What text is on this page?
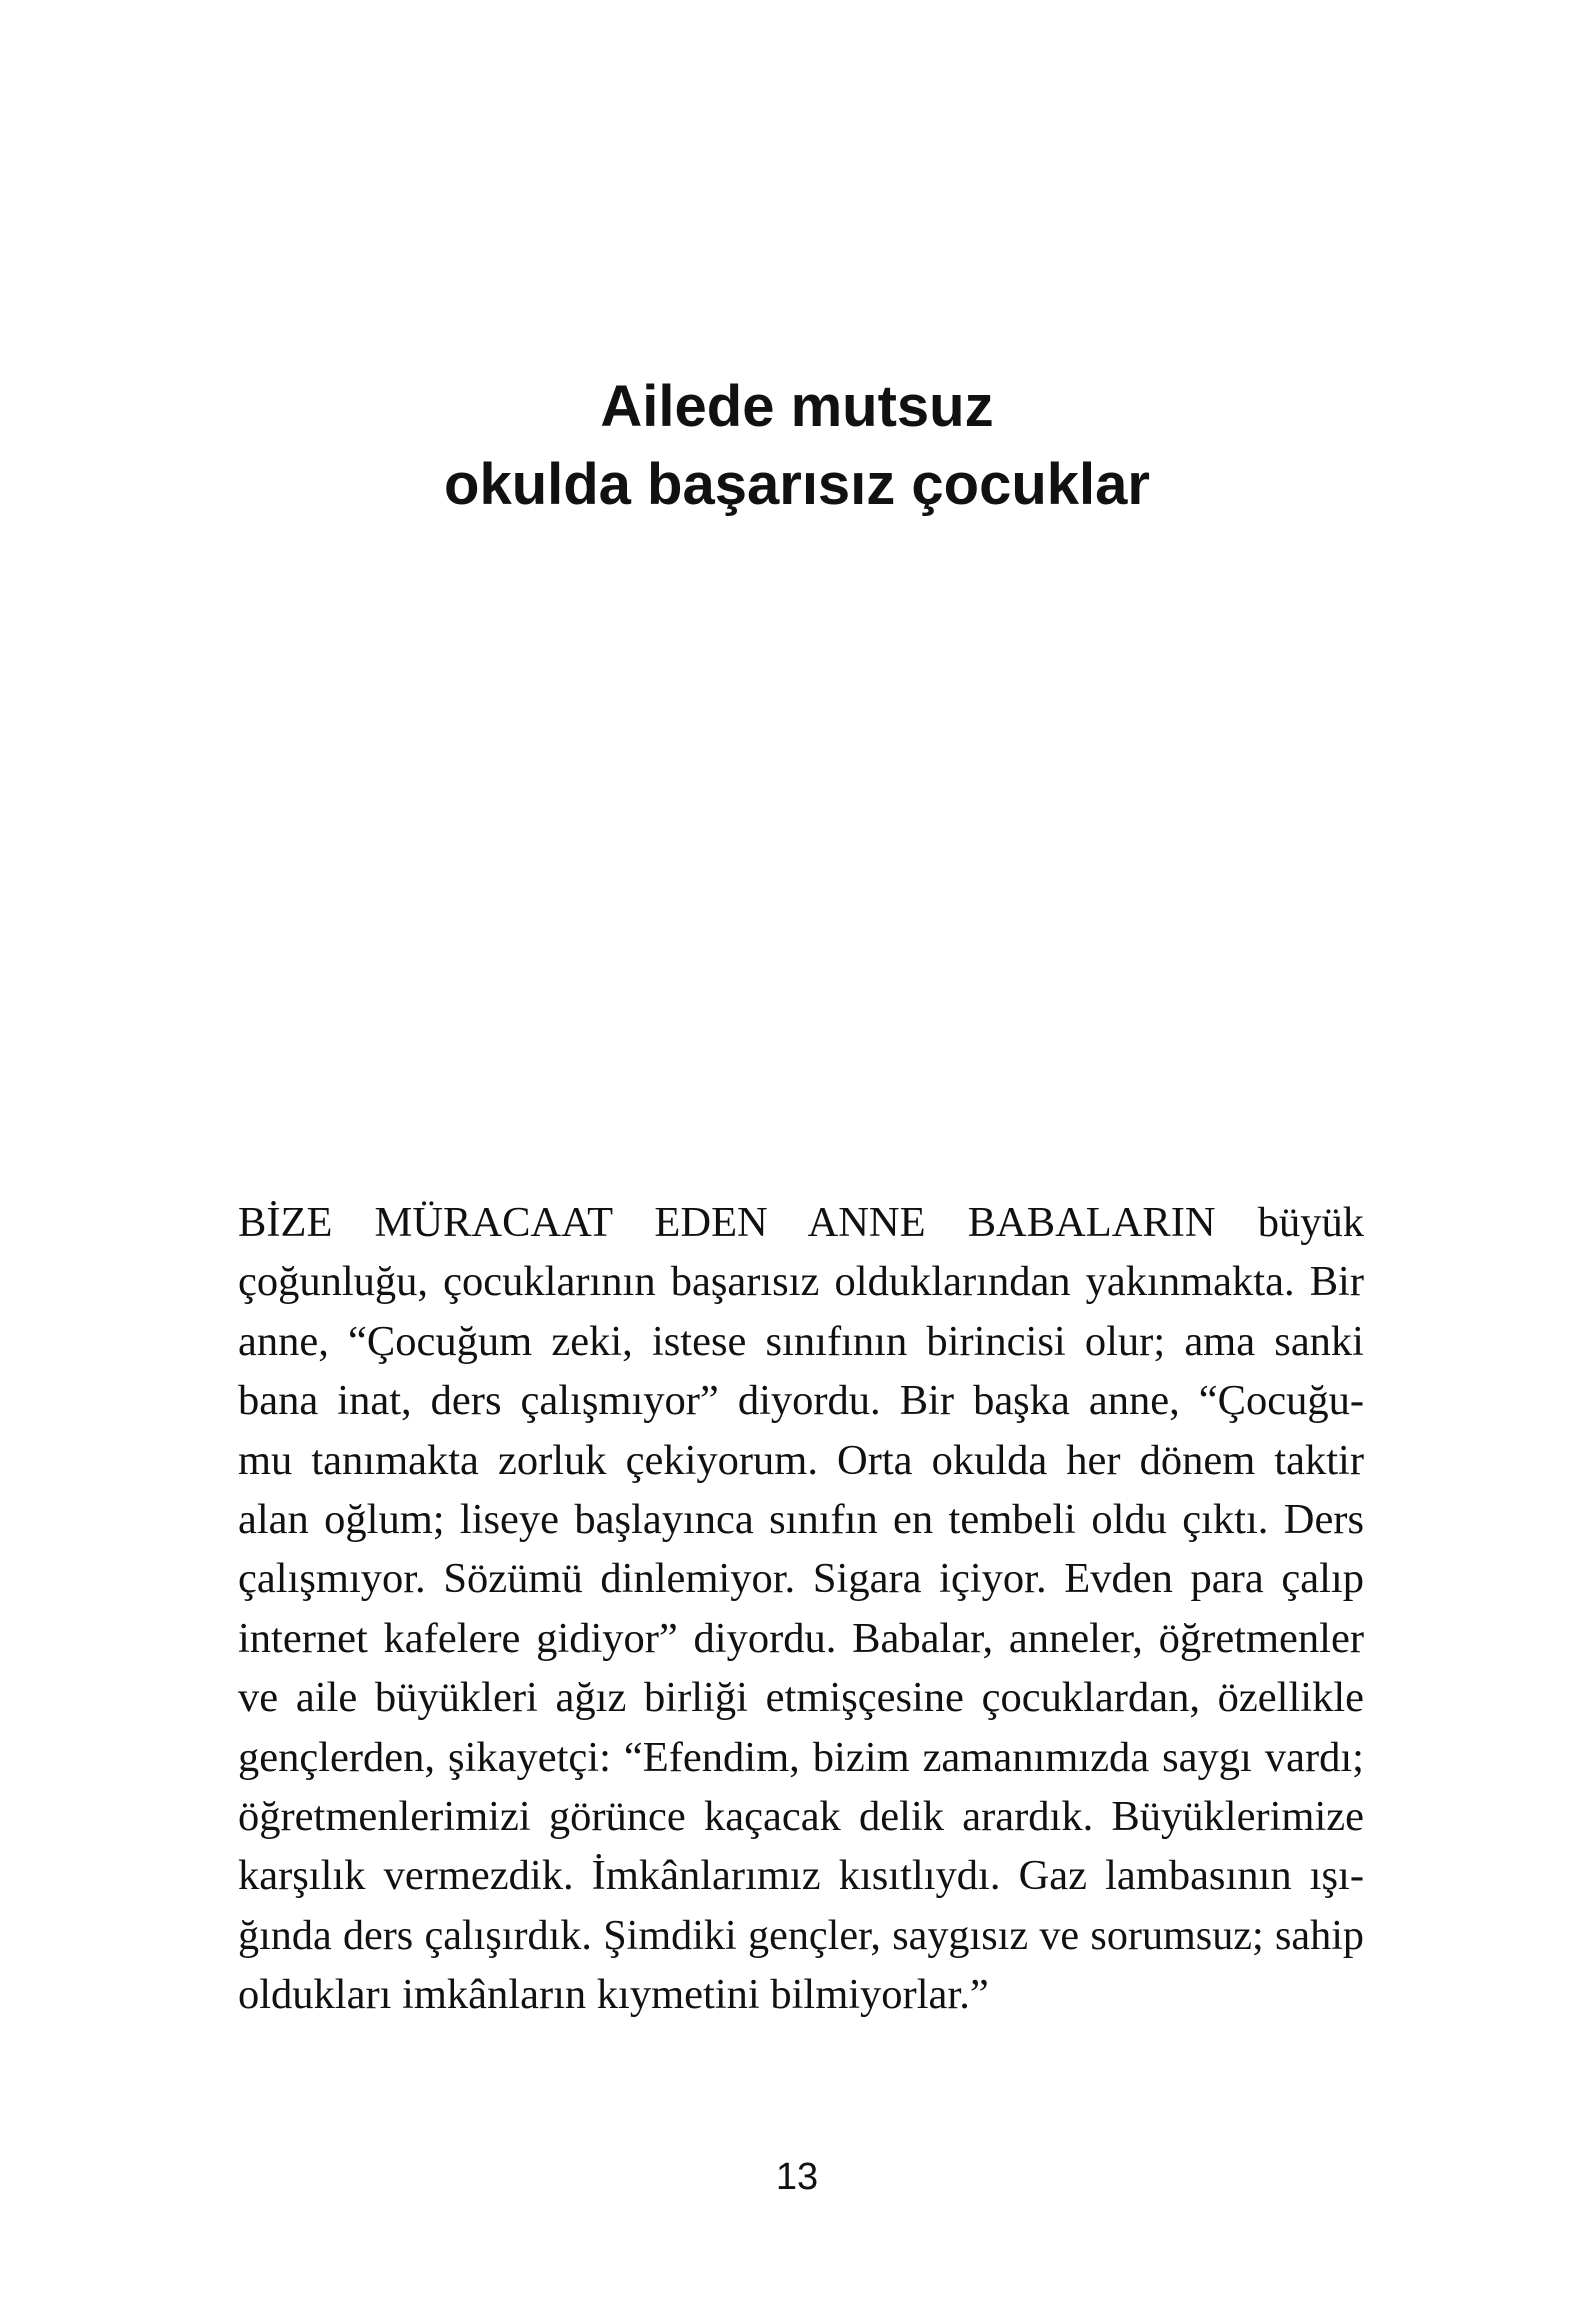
Ailede mutsuz
okulda başarısız çocuklar
BİZE MÜRACAAT EDEN ANNE BABALARIN büyük
çoğunluğu, çocuklarının başarısız olduklarından yakınmakta. Bir
anne, “Çocuğum zeki, istese sınıfının birincisi olur; ama sanki
bana inat, ders çalışmıyor” diyordu. Bir başka anne, “Çocuğu-
mu tanımakta zorluk çekiyorum. Orta okulda her dönem taktir
alan oğlum; liseye başlayınca sınıfın en tembeli oldu çıktı. Ders
çalışmıyor. Sözümü dinlemiyor. Sigara içiyor. Evden para çalıp
internet kafelere gidiyor” diyordu. Babalar, anneler, öğretmenler
ve aile büyükleri ağız birliği etmişçesine çocuklardan, özellikle
gençlerden, şikayetçi: “Efendim, bizim zamanımızda saygı vardı;
öğretmenlerimizi görünce kaçacak delik arardık. Büyüklerimize
karşılık vermezdik. İmkânlarımız kısıtlıydı. Gaz lambasının ışı-
ğında ders çalışırdık. Şimdiki gençler, saygısız ve sorumsuz; sahip
oldukları imkânların kıymetini bilmiyorlar.”
13
